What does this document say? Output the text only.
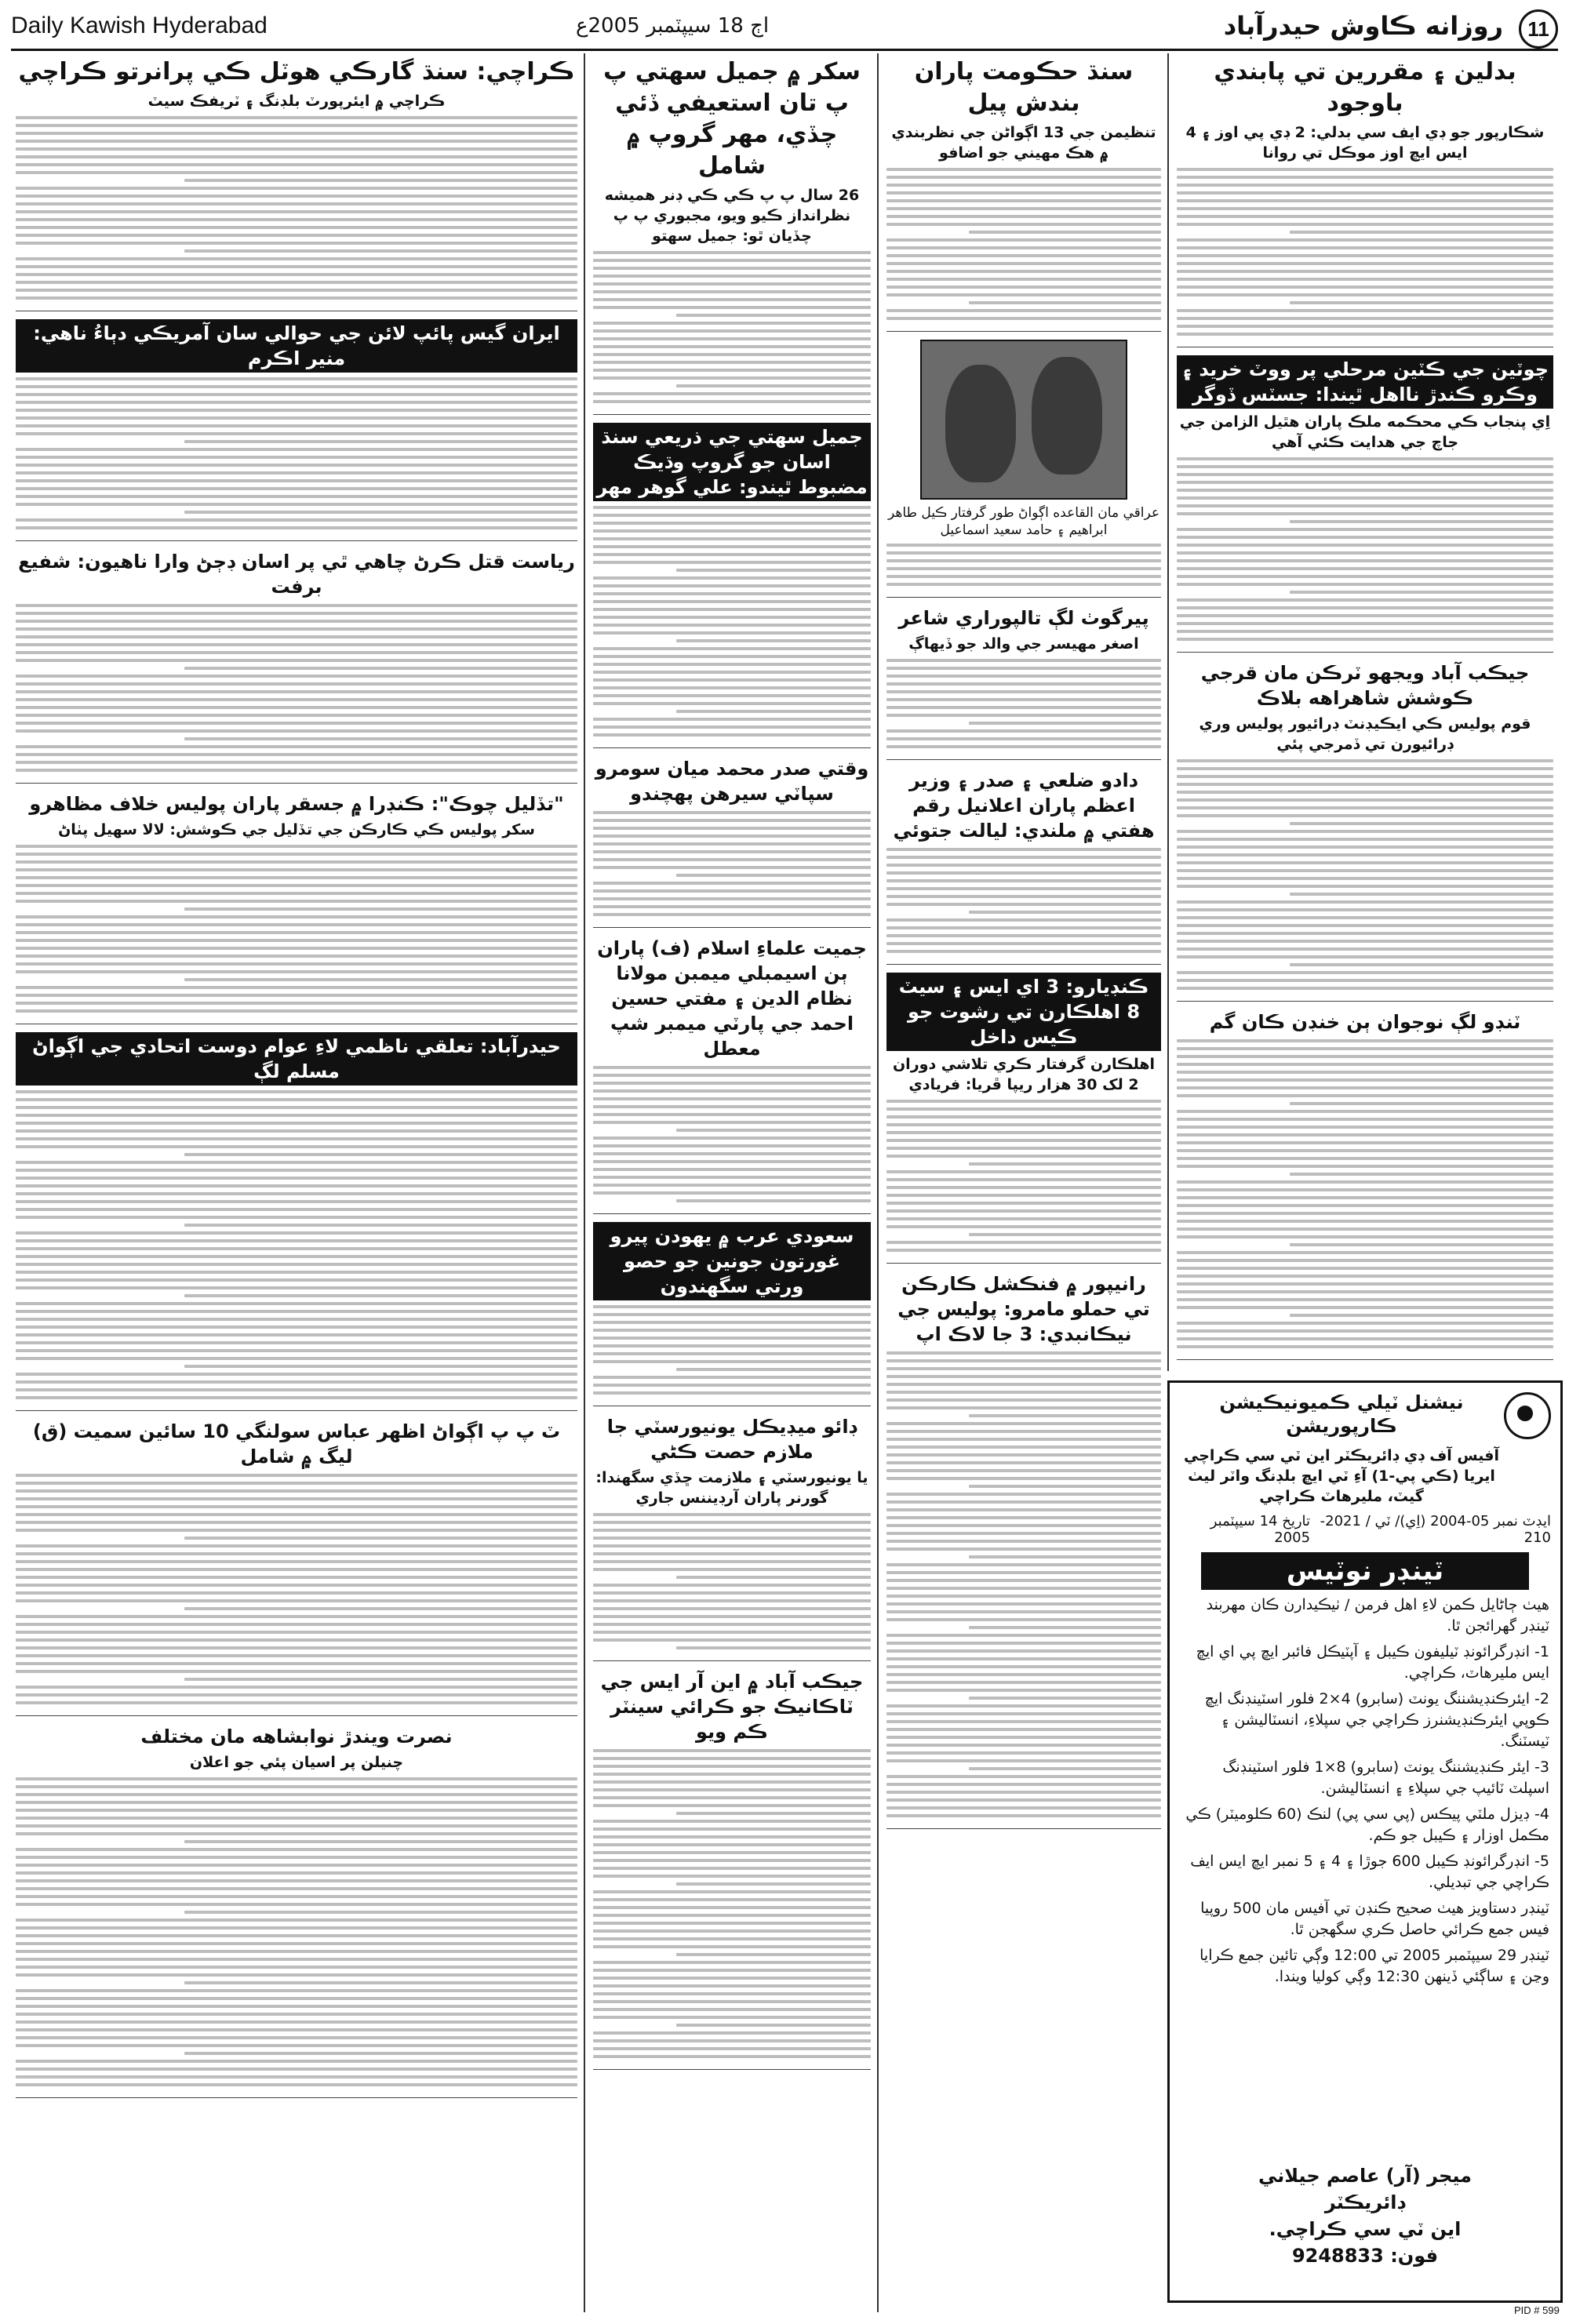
Daily Kawish Hyderabad	اڄ 18 سيپٽمبر 2005ع	روزانه ڪاوش حيدرآباد	11
بدلين ۽ مقررين تي پابندي باوجود
شڪارپور جو ڊي ايف سي بدلي: 2 ڊي پي اوز ۽ 4 ايس ايڇ اوز موڪل تي روانا
چوٽين جي ڪٽين مرحلي پر ووٽ خريد ۽ وڪرو ڪندڙ نااهل ٿيندا: جسٽس ڏوگر
اِي پنجاب ڪي محڪمه ملڪ پاران هٿيل الزامن جي جاچ جي هدايت ڪئي آهي
جيڪب آباد ويجهو ٽرڪن مان قرجي ڪوشش شاهراهه بلاڪ
قوم پوليس ڪي ايڪيڊنٽ ڊرائيور پوليس وري ڊرائيورن تي ڏمرجي پئي
ٽنڊو لڳ نوجوان ٻن خنڊن ڪان گم
سنڌ حڪومت پاران بندش پيل
تنظيمن جي 13 اڳواڻن جي نظربندي ۾ هڪ مهيني جو اضافو
عراقي مان القاعده اڳواڻ طور گرفتار ڪيل طاهر ابراهيم ۽ حامد سعيد اسماعيل
پيرگوٺ لڳ تالپوراري شاعر
اصغر مهيسر جي والد جو ڏيهاڳ
دادو ضلعي ۽ صدر ۽ وزير اعظم پاران اعلانيل رقم هفتي ۾ ملندي: ليالت جتوئي
ڪنڊيارو: 3 اي ايس ۽ سيٽ 8 اهلڪارن تي رشوت جو ڪيس داخل
اهلڪارن گرفتار ڪري تلاشي دوران 2 لک 30 هزار ريپا ڦريا: فريادي
رانيپور ۾ فنڪشل ڪارڪن تي حملو مامرو: پوليس جي نيڪانبدي: 3 جا لاڪ اپ
سکر ۾ جميل سهتي پ پ تان استعيفي ڏئي چڏي، مهر گروپ ۾ شامل
26 سال پ پ ڪي ڪي ڊنر هميشه نظرانداز ڪيو ويو، مجبوري پ پ چڏيان ٿو: جميل سهتو
جميل سهتي جي ذريعي سنڌ اسان جو گروپ وڌيڪ مضبوط ٿيندو: علي گوهر مهر
وقتي صدر محمد ميان سومرو سپاٽي سيرهن پهچندو
جميت علماءِ اسلام (ف) پاران ٻن اسيمبلي ميمبن مولانا نظام الدين ۽ مفتي حسين احمد جي پارٽي ميمبر شپ معطل
سعودي عرب ۾ يهودن پيرو غورتون جونين جو حصو ورتي سگهندون
ڊائو ميڊيڪل يونيورسٽي جا ملازم حصت ڪڻي
يا يونيورسٽي ۽ ملازمت ڇڏي سگهندا: گورنر پاران آرڊيننس جاري
جيڪب آباد ۾ اين آر ايس جي ٽاڪانيڪ جو ڪرائي سينٽر ڪم ويو
ڪراچي: سنڌ گارڪي هوٽل ڪي پرانرتو ڪراچي
ڪراچي ۾ ايئرپورٽ بلڊنگ ۽ ٽريفڪ سيٽ
ايران گيس پائپ لائن جي حوالي سان آمريڪي دٻاءُ ناهي: منير اڪرم
رياست قتل ڪرڻ چاهي ٿي پر اسان ڊڄڻ وارا ناهيون: شفيع برفت
"تڏليل چوڪ": ڪنڊرا ۾ جسقر پاران پوليس خلاف مظاهرو
سکر پوليس ڪي ڪارڪن جي تڏليل جي ڪوشش: لالا سهيل پٺاڻ
حيدرآباد: تعلقي ناظمي لاءِ عوام دوست اتحادي جي اڳواڻ مسلم لڳ
ٽ پ پ اڳواڻ اظهر عباس سولنگي 10 سائين سميت (ق) ليگ ۾ شامل
نصرت ويندڙ نوابشاهه مان مختلف
چنيلن پر اسيان پئي جو اعلان
نيشنل ٽيلي ڪميونيڪيشن ڪارپوريشن
آفيس آف ڊي ڊائريڪٽر اين ٽي سي ڪراچي ايريا (ڪي پي-1) آءِ ٽي ايڇ بلڊنگ واٽر ليٺ گيٽ، مليرهاٽ ڪراچي
ايڊٽ نمبر 05-2004 (اِي)/ ٽي / 2021-210
تاريخ 14 سيپٽمبر 2005
ٽينڊر نوٽيس
هيٺ ڄاڻايل ڪمن لاءِ اهل فرمن / ٺيڪيدارن ڪان مهربند ٽينڊر گهرائجن ٿا.
1- انڊرگرائونڊ ٽيليفون ڪيبل ۽ آپٽيڪل فائبر ايڇ پي اي ايڇ ايس مليرهاٽ، ڪراچي.
2- ايئرڪنڊيشننگ يونٽ (سابرو) 4×2 فلور اسٽينڊنگ ايڇ ڪوپي ايئرڪنڊيشنرز ڪراچي جي سپلاءِ، انسٽاليشن ۽ ٽيسٽنگ.
3- ايئر ڪنڊيشننگ يونٽ (سابرو) 8×1 فلور اسٽينڊنگ اسپلٽ ٽائيپ جي سپلاءِ ۽ انسٽاليشن.
4- ڊيزل ملٽي پيڪس (پي سي پي) لنڪ (60 ڪلوميٽر) ڪي مڪمل اوزار ۽ ڪيبل جو ڪم.
5- انڊرگرائونڊ ڪيبل 600 جوڙا ۽ 4 ۽ 5 نمبر ايڇ ايس ايف ڪراچي جي تبديلي.
ٽينڊر دستاويز هيٺ صحيح ڪنڊن تي آفيس مان 500 روپيا فيس جمع ڪرائي حاصل ڪري سگهجن ٿا.
ٽينڊر 29 سيپٽمبر 2005 تي 12:00 وڳي تائين جمع ڪرايا وڃن ۽ ساڳئي ڏينهن 12:30 وڳي کوليا ويندا.
ميجر (آر) عاصم جيلاني
ڊائريڪٽر
اين ٽي سي ڪراچي.
فون: 9248833
PID # 599
